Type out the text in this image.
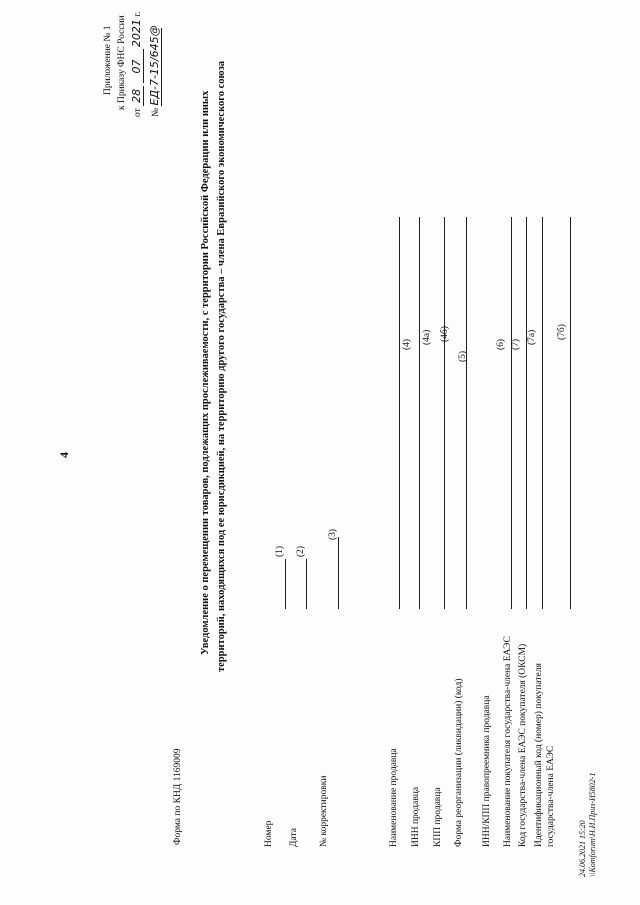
4
Приложение № 1 к Приказу ФНС России
от 28 07 2021 г.
№ ЕД-7-15/645@
Уведомление о перемещении товаров, подлежащих прослеживаемости, с территории Российской Федерации или иных территорий, находящихся под ее юрисдикцией, на территорию другого государства – члена Евразийского экономического союза
Форма по КНД 1169009	Номер
(1)
Дата
(2)
№ корректировки
(3)
Наименование продавца
(4)
ИНН продавца
(4а)
КПП продавца
(4б)
Форма реорганизации (ликвидации) (код)
(5)
ИНН/КПП правопреемника продавца Наименование покупателя государства-члена ЕАЭС
(6)
Код государства-члена ЕАЭС покупателя (ОКСМ)
(7)
Идентификационный код (номер) покупателя государства-члена ЕАЭС
(7а) (7б)
24.06.2021 15:20 \\Komforum\Н.И.Приз-И5802-1
